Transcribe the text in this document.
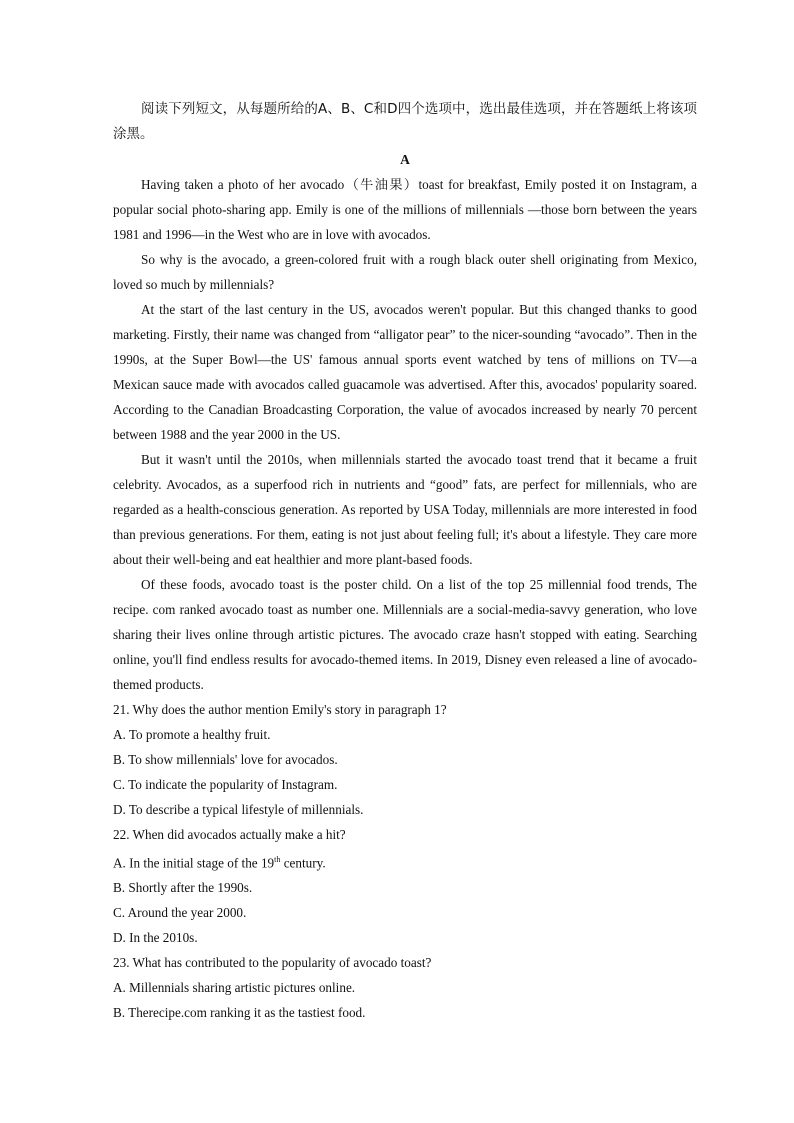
阅读下列短文，从每题所给的A、B、C和D四个选项中，选出最佳选项，并在答题纸上将该项涂黑。
A
Having taken a photo of her avocado（牛油果）toast for breakfast, Emily posted it on Instagram, a popular social photo-sharing app. Emily is one of the millions of millennials —those born between the years 1981 and 1996—in the West who are in love with avocados.
So why is the avocado, a green-colored fruit with a rough black outer shell originating from Mexico, loved so much by millennials?
At the start of the last century in the US, avocados weren't popular. But this changed thanks to good marketing. Firstly, their name was changed from “alligator pear” to the nicer-sounding “avocado”. Then in the 1990s, at the Super Bowl—the US' famous annual sports event watched by tens of millions on TV—a Mexican sauce made with avocados called guacamole was advertised. After this, avocados' popularity soared. According to the Canadian Broadcasting Corporation, the value of avocados increased by nearly 70 percent between 1988 and the year 2000 in the US.
But it wasn't until the 2010s, when millennials started the avocado toast trend that it became a fruit celebrity. Avocados, as a superfood rich in nutrients and “good” fats, are perfect for millennials, who are regarded as a health-conscious generation. As reported by USA Today, millennials are more interested in food than previous generations. For them, eating is not just about feeling full; it's about a lifestyle. They care more about their well-being and eat healthier and more plant-based foods.
Of these foods, avocado toast is the poster child. On a list of the top 25 millennial food trends, The recipe. com ranked avocado toast as number one. Millennials are a social-media-savvy generation, who love sharing their lives online through artistic pictures. The avocado craze hasn't stopped with eating. Searching online, you'll find endless results for avocado-themed items. In 2019, Disney even released a line of avocado-themed products.
21. Why does the author mention Emily's story in paragraph 1?
A. To promote a healthy fruit.
B. To show millennials' love for avocados.
C. To indicate the popularity of Instagram.
D. To describe a typical lifestyle of millennials.
22. When did avocados actually make a hit?
A. In the initial stage of the 19th century.
B. Shortly after the 1990s.
C. Around the year 2000.
D. In the 2010s.
23. What has contributed to the popularity of avocado toast?
A. Millennials sharing artistic pictures online.
B. Therecipe.com ranking it as the tastiest food.
